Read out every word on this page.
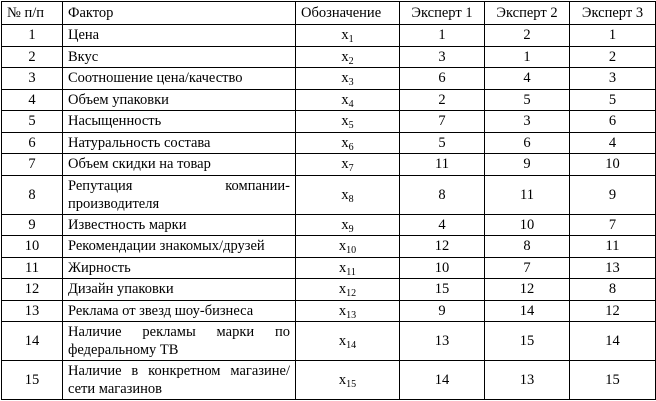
№ п/п	Фактор	Обозначение	Эксперт 1	Эксперт 2	Эксперт 3
1	Цена	$x_1$	1	2	1
2	Вкус	$x_2$	3	1	2
3	Соотношение цена/качество	$x_3$	6	4	3
4	Объем упаковки	$x_4$	2	5	5
5	Насыщенность	$x_5$	7	3	6
6	Натуральность состава	$x_6$	5	6	4
7	Объем скидки на товар	$x_7$	11	9	10
8	Репутация компании-производителя	$x_8$	8	11	9
9	Известность марки	$x_9$	4	10	7
10	Рекомендации знакомых/друзей	$x_{10}$	12	8	11
11	Жирность	$x_{11}$	10	7	13
12	Дизайн упаковки	$x_{12}$	15	12	8
13	Реклама от звезд шоу-бизнеса	$x_{13}$	9	14	12
14	Наличие рекламы марки по федеральному ТВ	$x_{14}$	13	15	14
15	Наличие в конкретном магазине/сети магазинов	$x_{15}$	14	13	15
